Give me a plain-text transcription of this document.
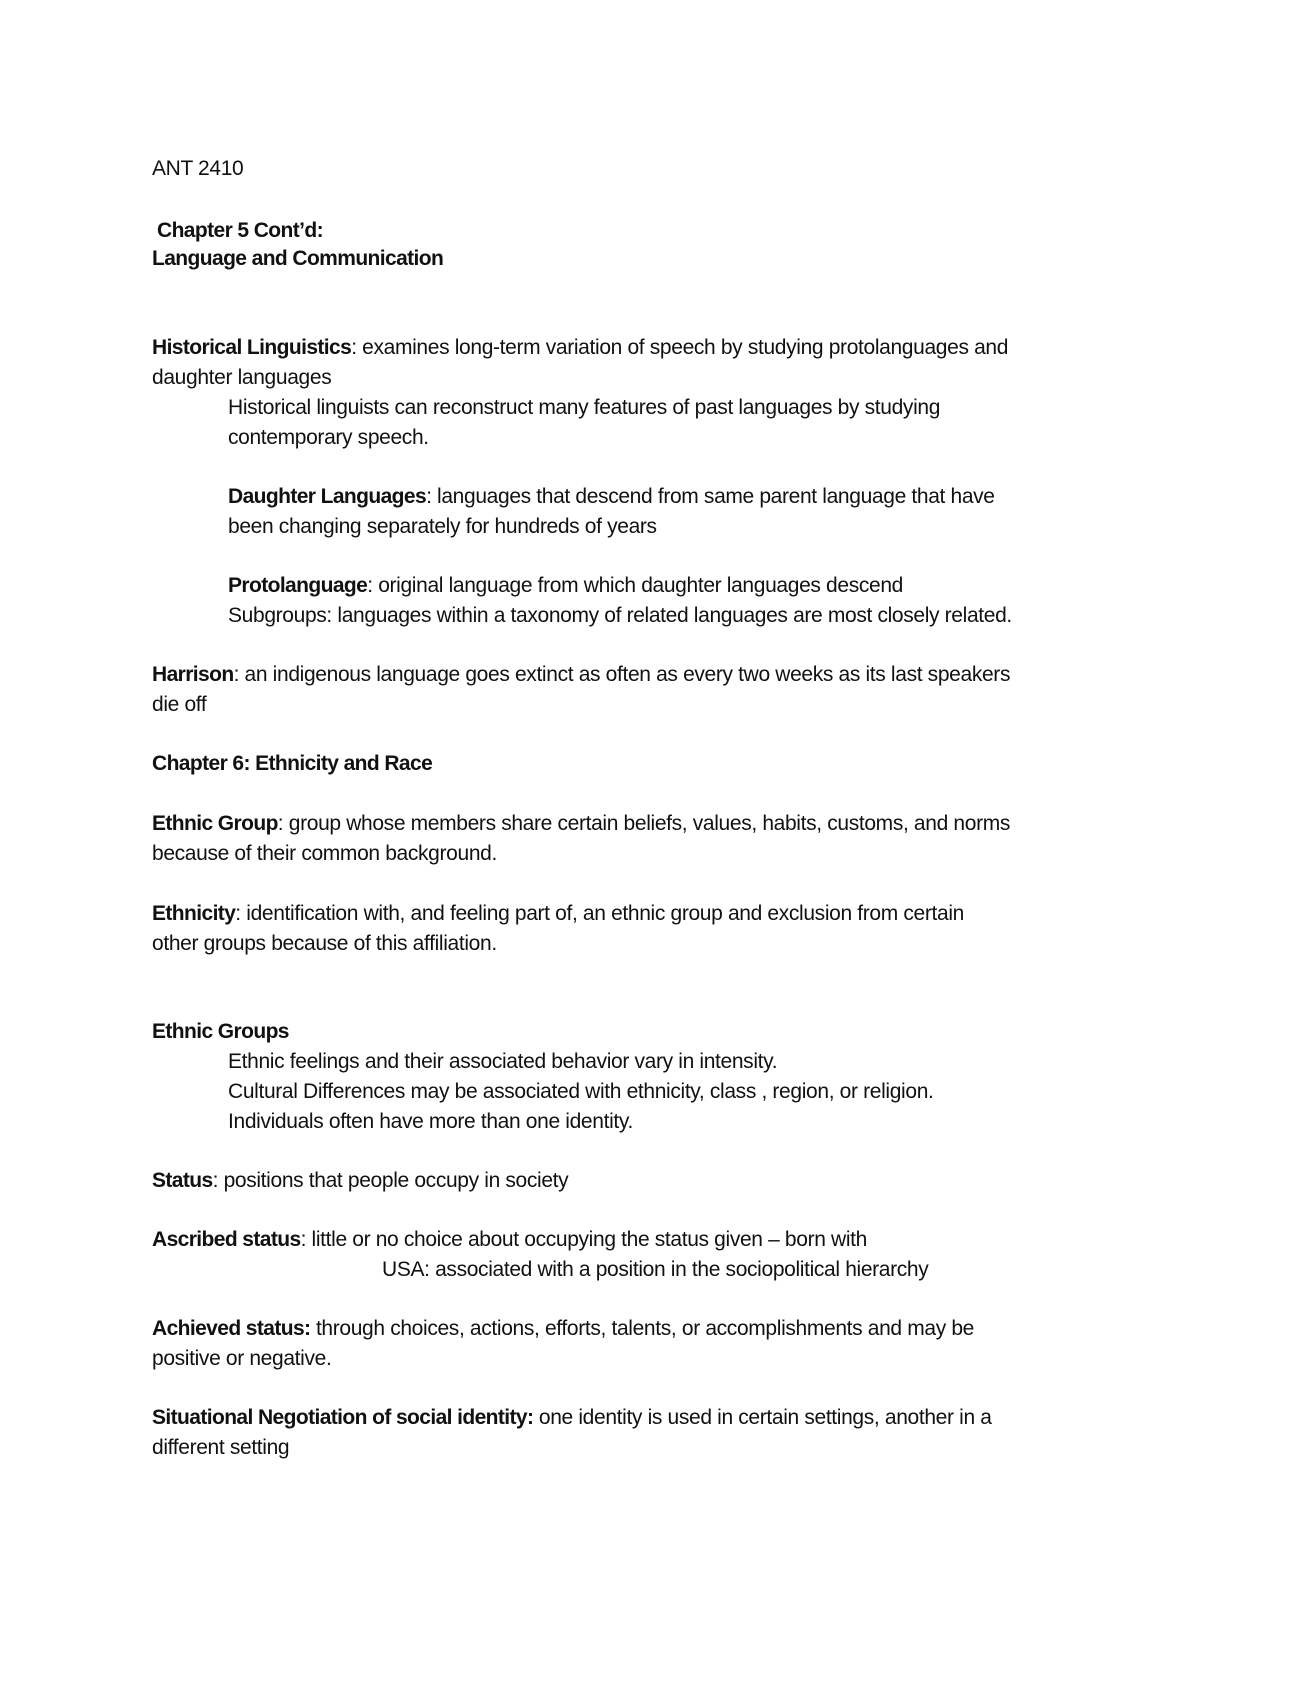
ANT 2410
Chapter 5 Cont’d:
Language and Communication
Historical Linguistics: examines long-term variation of speech by studying protolanguages and
daughter languages
Historical linguists can reconstruct many features of past languages by studying
contemporary speech.
Daughter Languages: languages that descend from same parent language that have
been changing separately for hundreds of years
Protolanguage: original language from which daughter languages descend
Subgroups: languages within a taxonomy of related languages are most closely related.
Harrison: an indigenous language goes extinct as often as every two weeks as its last speakers
die off
Chapter 6: Ethnicity and Race
Ethnic Group: group whose members share certain beliefs, values, habits, customs, and norms
because of their common background.
Ethnicity: identification with, and feeling part of, an ethnic group and exclusion from certain
other groups because of this affiliation.
Ethnic Groups
Ethnic feelings and their associated behavior vary in intensity.
Cultural Differences may be associated with ethnicity, class , region, or religion.
Individuals often have more than one identity.
Status: positions that people occupy in society
Ascribed status: little or no choice about occupying the status given – born with
USA: associated with a position in the sociopolitical hierarchy
Achieved status: through choices, actions, efforts, talents, or accomplishments and may be
positive or negative.
Situational Negotiation of social identity: one identity is used in certain settings, another in a
different setting
